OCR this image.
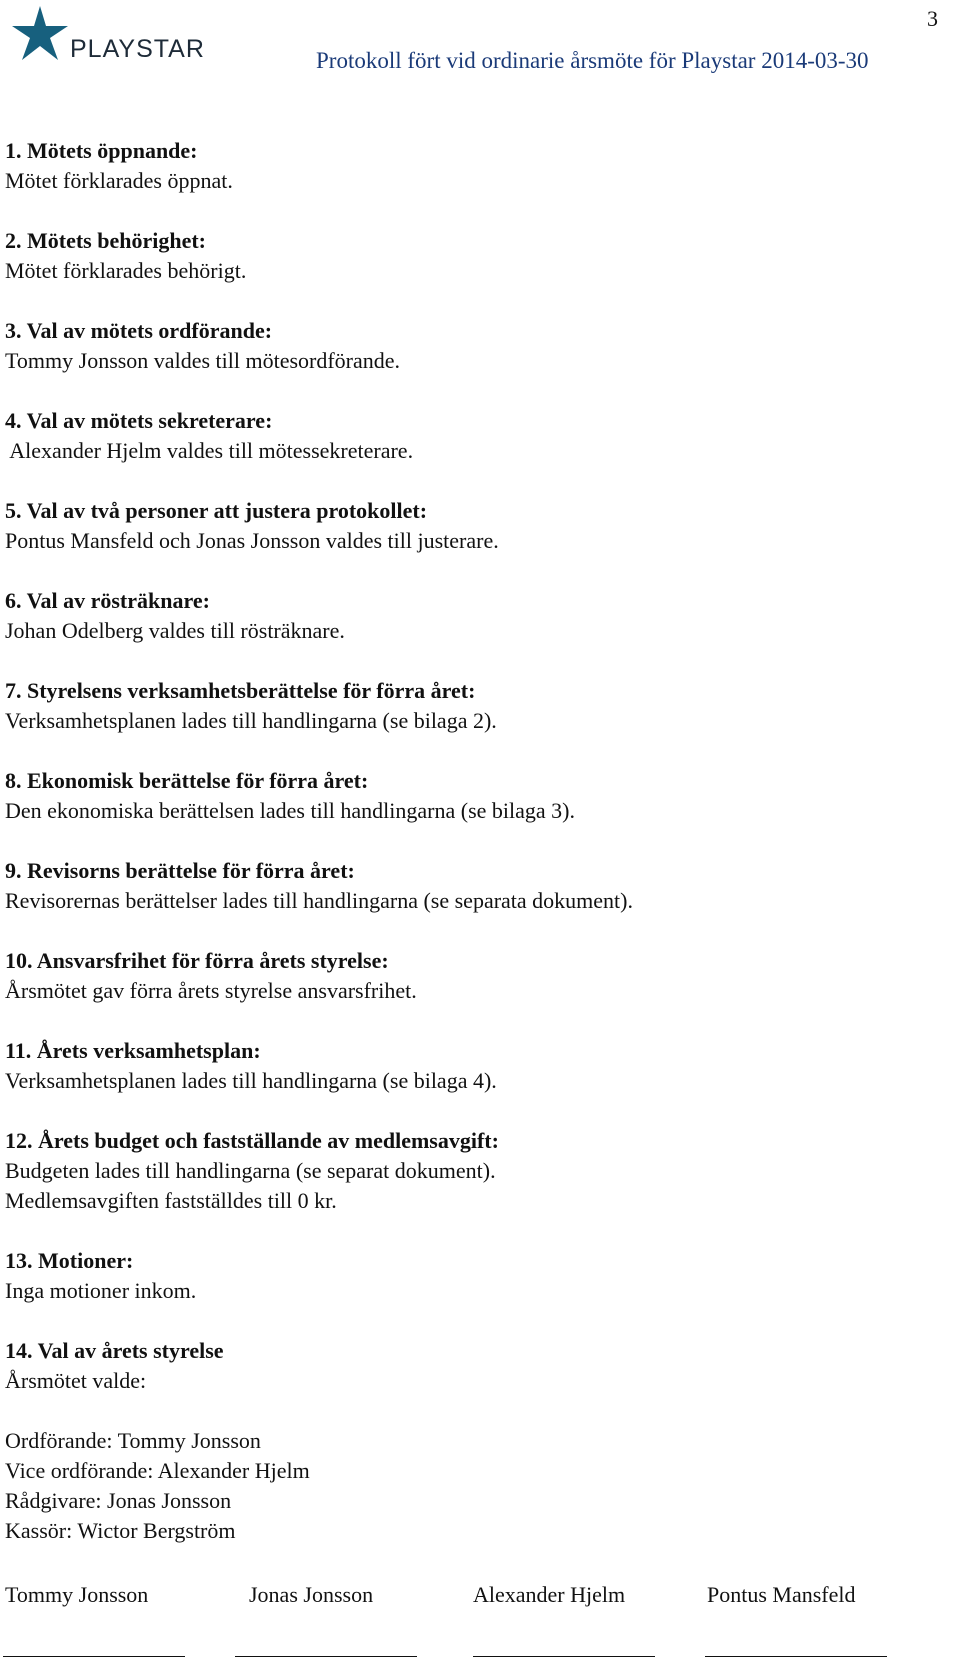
3
PLAYSTAR	Protokoll fört vid ordinarie årsmöte för Playstar 2014-03-30
1. Mötets öppnande:
Mötet förklarades öppnat.
2. Mötets behörighet:
Mötet förklarades behörigt.
3. Val av mötets ordförande:
Tommy Jonsson valdes till mötesordförande.
4. Val av mötets sekreterare:
Alexander Hjelm valdes till mötessekreterare.
5. Val av två personer att justera protokollet:
Pontus Mansfeld och Jonas Jonsson valdes till justerare.
6. Val av rösträknare:
Johan Odelberg valdes till rösträknare.
7. Styrelsens verksamhetsberättelse för förra året:
Verksamhetsplanen lades till handlingarna (se bilaga 2).
8. Ekonomisk berättelse för förra året:
Den ekonomiska berättelsen lades till handlingarna (se bilaga 3).
9. Revisorns berättelse för förra året:
Revisorernas berättelser lades till handlingarna (se separata dokument).
10. Ansvarsfrihet för förra årets styrelse:
Årsmötet gav förra årets styrelse ansvarsfrihet.
11. Årets verksamhetsplan:
Verksamhetsplanen lades till handlingarna (se bilaga 4).
12. Årets budget och fastställande av medlemsavgift:
Budgeten lades till handlingarna (se separat dokument).
Medlemsavgiften fastställdes till 0 kr.
13. Motioner:
Inga motioner inkom.
14. Val av årets styrelse
Årsmötet valde:
Ordförande: Tommy Jonsson
Vice ordförande: Alexander Hjelm
Rådgivare: Jonas Jonsson
Kassör: Wictor Bergström
Tommy Jonsson	Jonas Jonsson	Alexander Hjelm	Pontus Mansfeld
